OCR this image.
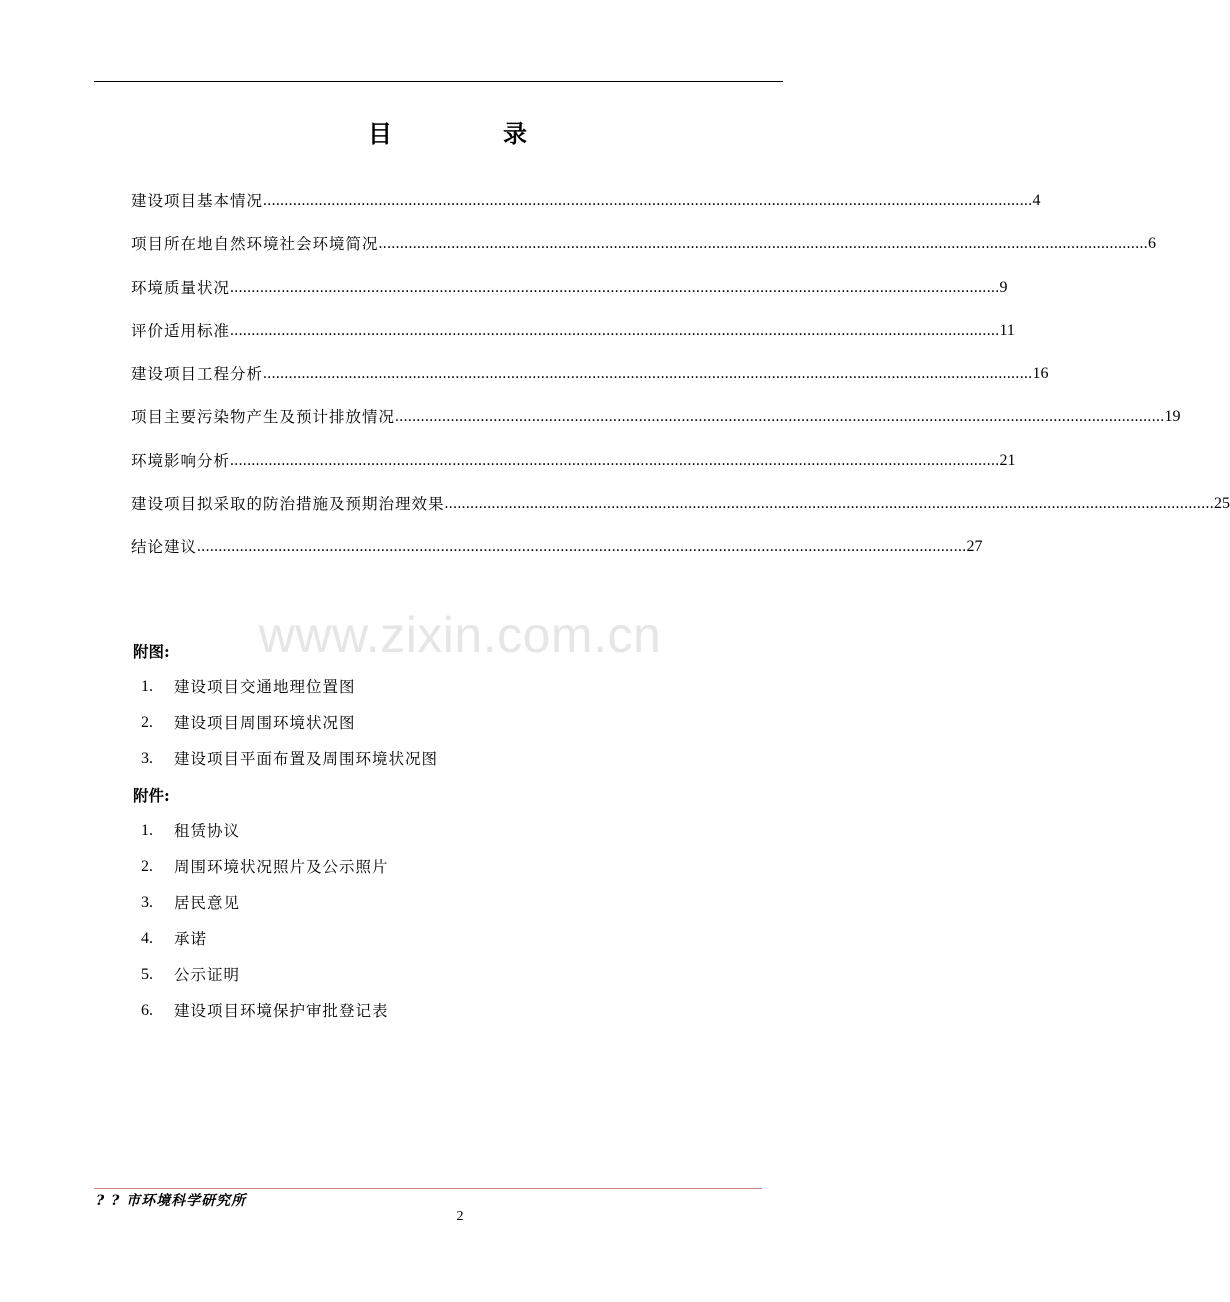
目	录
建设项目基本情况 .................................................................................................................................................................................... 4
项目所在地自然环境社会环境简况 .................................................................................................................................................................................... 6
环境质量状况 .................................................................................................................................................................................... 9
评价适用标准 .................................................................................................................................................................................... 11
建设项目工程分析 .................................................................................................................................................................................... 16
项目主要污染物产生及预计排放情况 .................................................................................................................................................................................... 19
环境影响分析 .................................................................................................................................................................................... 21
建设项目拟采取的防治措施及预期治理效果 .................................................................................................................................................................................... 25
结论建议 .................................................................................................................................................................................... 27
www.zixin.com.cn
附图:
1.	建设项目交通地理位置图
2.	建设项目周围环境状况图
3.	建设项目平面布置及周围环境状况图
附件:
1.	租赁协议
2.	周围环境状况照片及公示照片
3.	居民意见
4.	承诺
5.	公示证明
6.	建设项目环境保护审批登记表
? ? 市环境科学研究所
2
